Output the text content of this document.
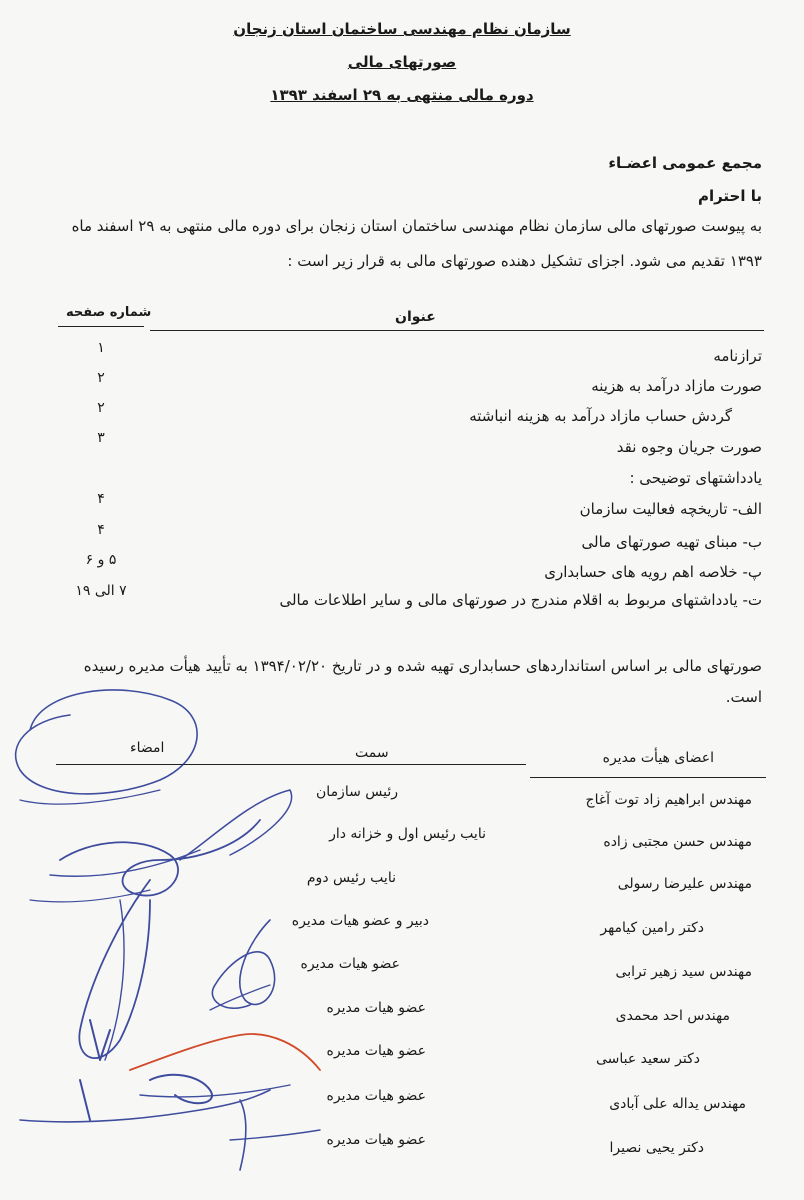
سازمان نظام مهندسی ساختمان استان زنجان
صورتهای مالی
دوره مالی منتهی به ۲۹ اسفند ۱۳۹۳
مجمع عمومی اعضـاء
با احترام
به پیوست صورتهای مالی سازمان نظام مهندسی ساختمان استان زنجان برای دوره مالی منتهی به ۲۹ اسفند ماه
۱۳۹۳ تقدیم می شود. اجزای تشکیل دهنده صورتهای مالی به قرار زیر است :
عنوان
شماره صفحه
ترازنامه
۱
صورت مازاد درآمد به هزینه
۲
گردش حساب مازاد درآمد به هزینه انباشته
۲
صورت جریان وجوه نقد
۳
یادداشتهای توضیحی :
الف- تاریخچه فعالیت سازمان
۴
ب- مبنای تهیه صورتهای مالی
۴
پ- خلاصه اهم رویه های حسابداری
۵ و ۶
ت- یادداشتهای مربوط به اقلام مندرج در صورتهای مالی و سایر اطلاعات مالی
۷ الی ۱۹
صورتهای مالی بر اساس استانداردهای حسابداری تهیه شده و در تاریخ ۱۳۹۴/۰۲/۲۰ به تأیید هیأت مدیره رسیده
است.
اعضای هیأت مدیره
سمت
امضاء
مهندس ابراهیم زاد توت آغاج
رئیس سازمان
مهندس حسن مجتبی زاده
نایب رئیس اول و خزانه دار
مهندس علیرضا رسولی
نایب رئیس دوم
دکتر رامین کیامهر
دبیر و عضو هیات مدیره
مهندس سید زهیر ترابی
عضو هیات مدیره
مهندس احد محمدی
عضو هیات مدیره
دکتر سعید عباسی
عضو هیات مدیره
مهندس یداله علی آبادی
عضو هیات مدیره
دکتر یحیی نصیرا
عضو هیات مدیره
